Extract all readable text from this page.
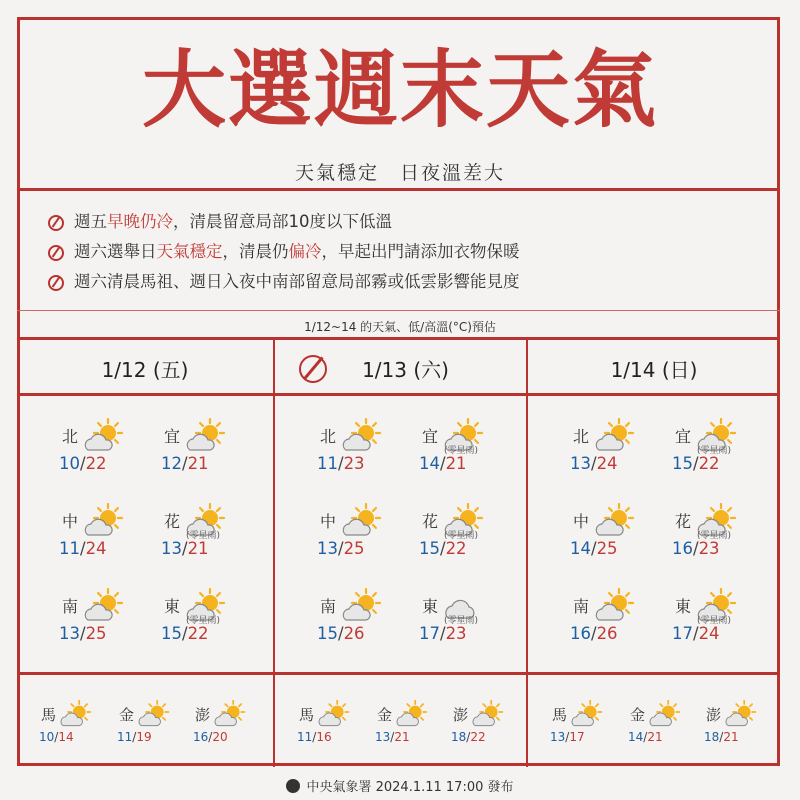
大選週末天氣
天氣穩定　日夜溫差大
週五早晚仍冷，清晨留意局部10度以下低溫
週六選舉日天氣穩定，清晨仍偏冷，早起出門請添加衣物保暖
週六清晨馬祖、週日入夜中南部留意局部霧或低雲影響能見度
1/12~14 的天氣、低/高溫(°C)預估
1/12 (五)	1/13 (六)	1/14 (日)
北
10/22
宜
12/21
中
11/24
花
(零星雨)
13/21
南
13/25
東
(零星雨)
15/22
馬
10/14
金
11/19
澎
16/20
北
11/23
宜
(零星雨)
14/21
中
13/25
花
(零星雨)
15/22
南
15/26
東
(零星雨)
17/23
馬
11/16
金
13/21
澎
18/22
北
13/24
宜
(零星雨)
15/22
中
14/25
花
(零星雨)
16/23
南
16/26
東
(零星雨)
17/24
馬
13/17
金
14/21
澎
18/21
中央氣象署 2024.1.11 17:00 發布
